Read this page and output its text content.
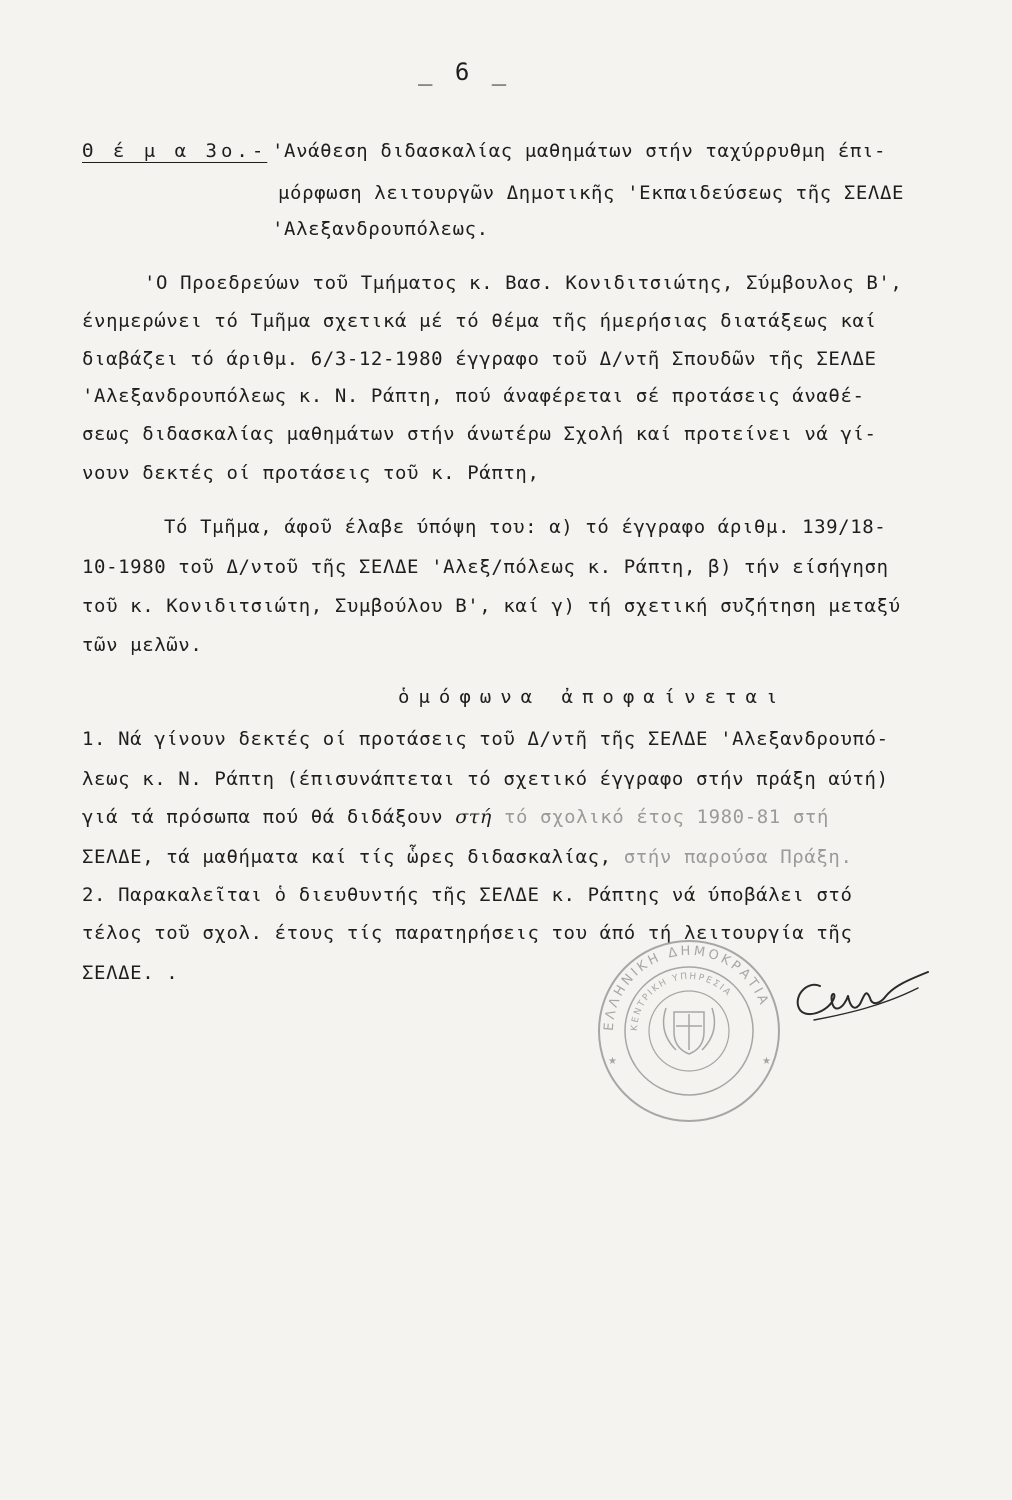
_ 6 _
Θ έ μ α 3ο.- 'Ανάθεση διδασκαλίας μαθημάτων στήν ταχύρρυθμη έπι-
μόρφωση λειτουργῶν Δημοτικῆς 'Εκπαιδεύσεως τῆς ΣΕΛΔΕ
'Αλεξανδρουπόλεως.
'Ο Προεδρεύων τοῦ Τμήματος κ. Βασ. Κονιδιτσιώτης, Σύμβουλος Β',
ένημερώνει τό Τμῆμα σχετικά μέ τό θέμα τῆς ήμερήσιας διατάξεως καί
διαβάζει τό άριθμ. 6/3-12-1980 έγγραφο τοῦ Δ/ντῆ Σπουδῶν τῆς ΣΕΛΔΕ
'Αλεξανδρουπόλεως κ. Ν. Ράπτη, πού άναφέρεται σέ προτάσεις άναθέ-
σεως διδασκαλίας μαθημάτων στήν άνωτέρω Σχολή καί προτείνει νά γί-
νουν δεκτές οί προτάσεις τοῦ κ. Ράπτη,
Τό Τμῆμα, άφοῦ έλαβε ύπόψη του: α) τό έγγραφο άριθμ. 139/18-
10-1980 τοῦ Δ/ντοῦ τῆς ΣΕΛΔΕ 'Αλεξ/πόλεως κ. Ράπτη, β) τήν είσήγηση
τοῦ κ. Κονιδιτσιώτη, Συμβούλου Β', καί γ) τή σχετική συζήτηση μεταξύ
τῶν μελῶν.
ὁμόφωνα ἀποφαίνεται
1. Νά γίνουν δεκτές οί προτάσεις τοῦ Δ/ντῆ τῆς ΣΕΛΔΕ 'Αλεξανδρουπό-
λεως κ. Ν. Ράπτη (έπισυνάπτεται τό σχετικό έγγραφο στήν πράξη αύτή)
γιά τά πρόσωπα πού θά διδάξουν στή τό σχολικό έτος 1980-81 στή
ΣΕΛΔΕ, τά μαθήματα καί τίς ὧρες διδασκαλίας, στήν παρούσα Πράξη.
2. Παρακαλεῖται ὁ διευθυντής τῆς ΣΕΛΔΕ κ. Ράπτης νά ύποβάλει στό
τέλος τοῦ σχολ. έτους τίς παρατηρήσεις του άπό τή λειτουργία τῆς
ΣΕΛΔΕ. .
ΕΛΛΗΝΙΚΗ ΔΗΜΟΚΡΑΤΙΑ
ΚΕΝΤΡΙΚΗ ΥΠΗΡΕΣΙΑ
★	★
